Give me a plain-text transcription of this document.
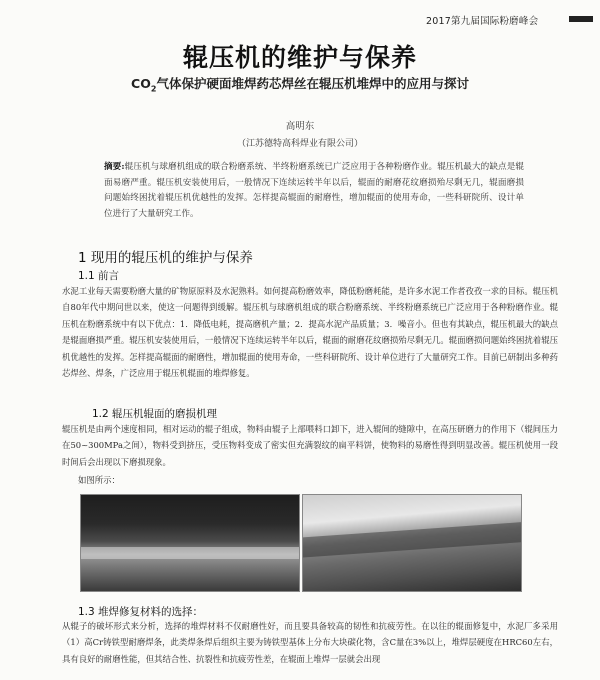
2017第九届国际粉磨峰会
辊压机的维护与保养
$CO_2$气体保护硬面堆焊药芯焊丝在辊压机堆焊中的应用与探讨
高明东
（江苏德特高科焊业有限公司）
摘要:辊压机与球磨机组成的联合粉磨系统、半终粉磨系统已广泛应用于各种粉磨作业。辊压机最大的缺点是辊面易磨严重。辊压机安装使用后，一般情况下连续运转半年以后，辊面的耐磨花纹磨损殆尽剩无几，辊面磨损问题始终困扰着辊压机优越性的发挥。怎样提高辊面的耐磨性，增加辊面的使用寿命，一些科研院所、设计单位进行了大量研究工作。
1 现用的辊压机的维护与保养
1.1 前言
水泥工业每天需要粉磨大量的矿物原原料及水泥熟料。如何提高粉磨效率，降低粉磨耗能，是许多水泥工作者孜孜一求的目标。辊压机自80年代中期问世以来，使这一问题得到缓解。辊压机与球磨机组成的联合粉磨系统、半终粉磨系统已广泛应用于各种粉磨作业。辊压机在粉磨系统中有以下优点：1．降低电耗，提高磨机产量；2．提高水泥产品质量；3．噪音小。但也有其缺点，辊压机最大的缺点是辊面磨损严重。辊压机安装使用后，一般情况下连续运转半年以后，辊面的耐磨花纹磨损殆尽剩无几。辊面磨损问题始终困扰着辊压机优越性的发挥。怎样提高辊面的耐磨性，增加辊面的使用寿命，一些科研院所、设计单位进行了大量研究工作。目前已研制出多种药芯焊丝、焊条，广泛应用于辊压机辊面的堆焊修复。
1.2 辊压机辊面的磨损机理
辊压机是由两个速度相同，相对运动的辊子组成，物料由辊子上部喂料口卸下，进入辊间的缝隙中，在高压研磨力的作用下（辊间压力在50~300MPa之间），物料受到挤压，受压物料变成了密实但充满裂纹的扁平料饼，使物料的易磨性得到明显改善。辊压机使用一段时间后会出现以下磨损现象。
如图所示：
1.3 堆焊修复材料的选择：
从辊子的破坏形式来分析，选择的堆焊材料不仅耐磨性好，而且要具备较高的韧性和抗疲劳性。在以往的辊面修复中，水泥厂多采用（1）高Cr铸铁型耐磨焊条，此类焊条焊后组织主要为铸铁型基体上分布大块碳化物，含C量在3%以上，堆焊层硬度在HRC60左右，具有良好的耐磨性能，但其结合性、抗裂性和抗疲劳性差，在辊面上堆焊一层就会出现
